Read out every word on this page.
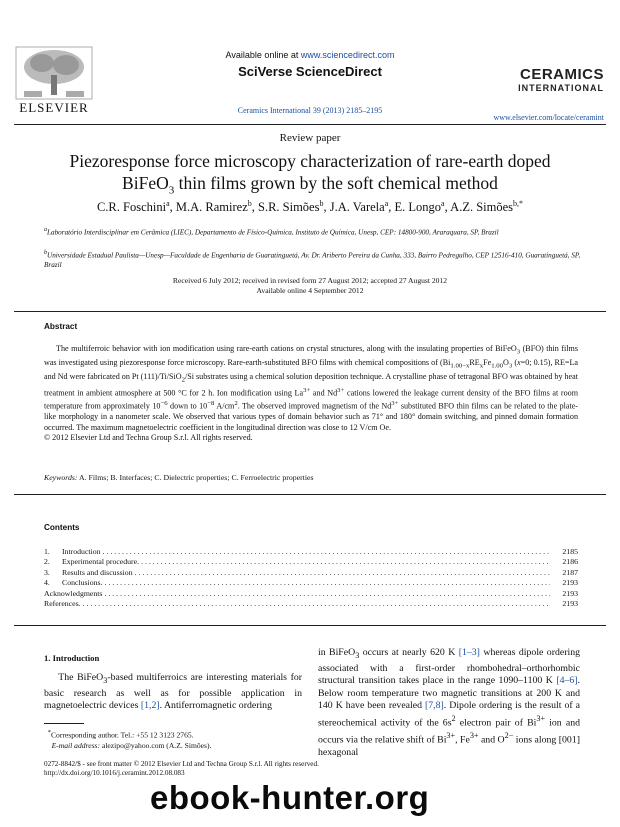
ELSEVIER
Available online at www.sciencedirect.com
SciVerse ScienceDirect
Ceramics International 39 (2013) 2185–2195
CERAMICS
INTERNATIONAL
www.elsevier.com/locate/ceramint
Review paper
Piezoresponse force microscopy characterization of rare-earth doped
BiFeO$_3$ thin films grown by the soft chemical method
C.R. Foschini$^a$, M.A. Ramirez$^b$, S.R. Simões$^b$, J.A. Varela$^a$, E. Longo$^a$, A.Z. Simões$^{b,*}$
$^a$Laboratório Interdisciplinar em Cerâmica (LIEC), Departamento de Físico-Química, Instituto de Química, Unesp, CEP: 14800-900, Araraquara, SP, Brazil
$^b$Universidade Estadual Paulista—Unesp—Faculdade de Engenharia de Guaratinguetá, Av. Dr. Ariberto Pereira da Cunha, 333, Bairro Pedregulho, CEP 12516-410, Guaratinguetá, SP, Brazil
Received 6 July 2012; received in revised form 27 August 2012; accepted 27 August 2012
Available online 4 September 2012
Abstract

The multiferroic behavior with ion modification using rare-earth cations on crystal structures, along with the insulating properties of BiFeO$_3$ (BFO) thin films was investigated using piezoresponse force microscopy. Rare-earth-substituted BFO films with chemical compositions of ($Bi_{1.00-x}RE_xFe_{1.00}O_3$ (x=0; 0.15), RE=La and Nd were fabricated on Pt (111)/Ti/SiO$_2$/Si substrates using a chemical solution deposition technique. A crystalline phase of tetragonal BFO was obtained by heat treatment in ambient atmosphere at 500 °C for 2 h. Ion modification using $La^{3+}$ and $Nd^{3+}$ cations lowered the leakage current density of the BFO films at room temperature from approximately $10^{-6}$ down to $10^{-8}$ $A/cm^2$. The observed improved magnetism of the $Nd^{3+}$ substituted BFO thin films can be related to the plate-like morphology in a nanometer scale. We observed that various types of domain behavior such as 71° and 180° domain switching, and pinned domain formation occurred. The maximum magnetoelectric coefficient in the longitudinal direction was close to 12 V/cm Oe.

© 2012 Elsevier Ltd and Techna Group S.r.l. All rights reserved.

Keywords: A. Films; B. Interfaces; C. Dielectric properties; C. Ferroelectric properties
Contents
1.	Introduction . . .	2185
2.	Experimental procedure. . . .	2186
3.	Results and discussion . . .	2187
4.	Conclusions. . . .	2193
Acknowledgments . . .	2193
References. . . .	2193
1. Introduction

The BiFeO$_3$-based multiferroics are interesting materials for basic research as well as for possible application in magnetoelectric devices [1,2]. Antiferromagnetic ordering

*Corresponding author. Tel.: +55 12 3123 2765.
E-mail address: alezipo@yahoo.com (A.Z. Simões).

in BiFeO$_3$ occurs at nearly 620 K [1–3] whereas dipole ordering associated with a first-order rhombohedral–orthorhombic structural transition takes place in the range 1090–1100 K [4–6]. Below room temperature two magnetic transitions at 200 K and 140 K have been revealed [7,8]. Dipole ordering is the result of a stereochemical activity of the $6s^2$ electron pair of $Bi^{3+}$ ion and occurs via the relative shift of $Bi^{3+}$, $Fe^{3+}$ and $O^{2-}$ ions along [001] hexagonal

0272-8842/$ - see front matter © 2012 Elsevier Ltd and Techna Group S.r.l. All rights reserved.
http://dx.doi.org/10.1016/j.ceramint.2012.08.083
ebook-hunter.org
